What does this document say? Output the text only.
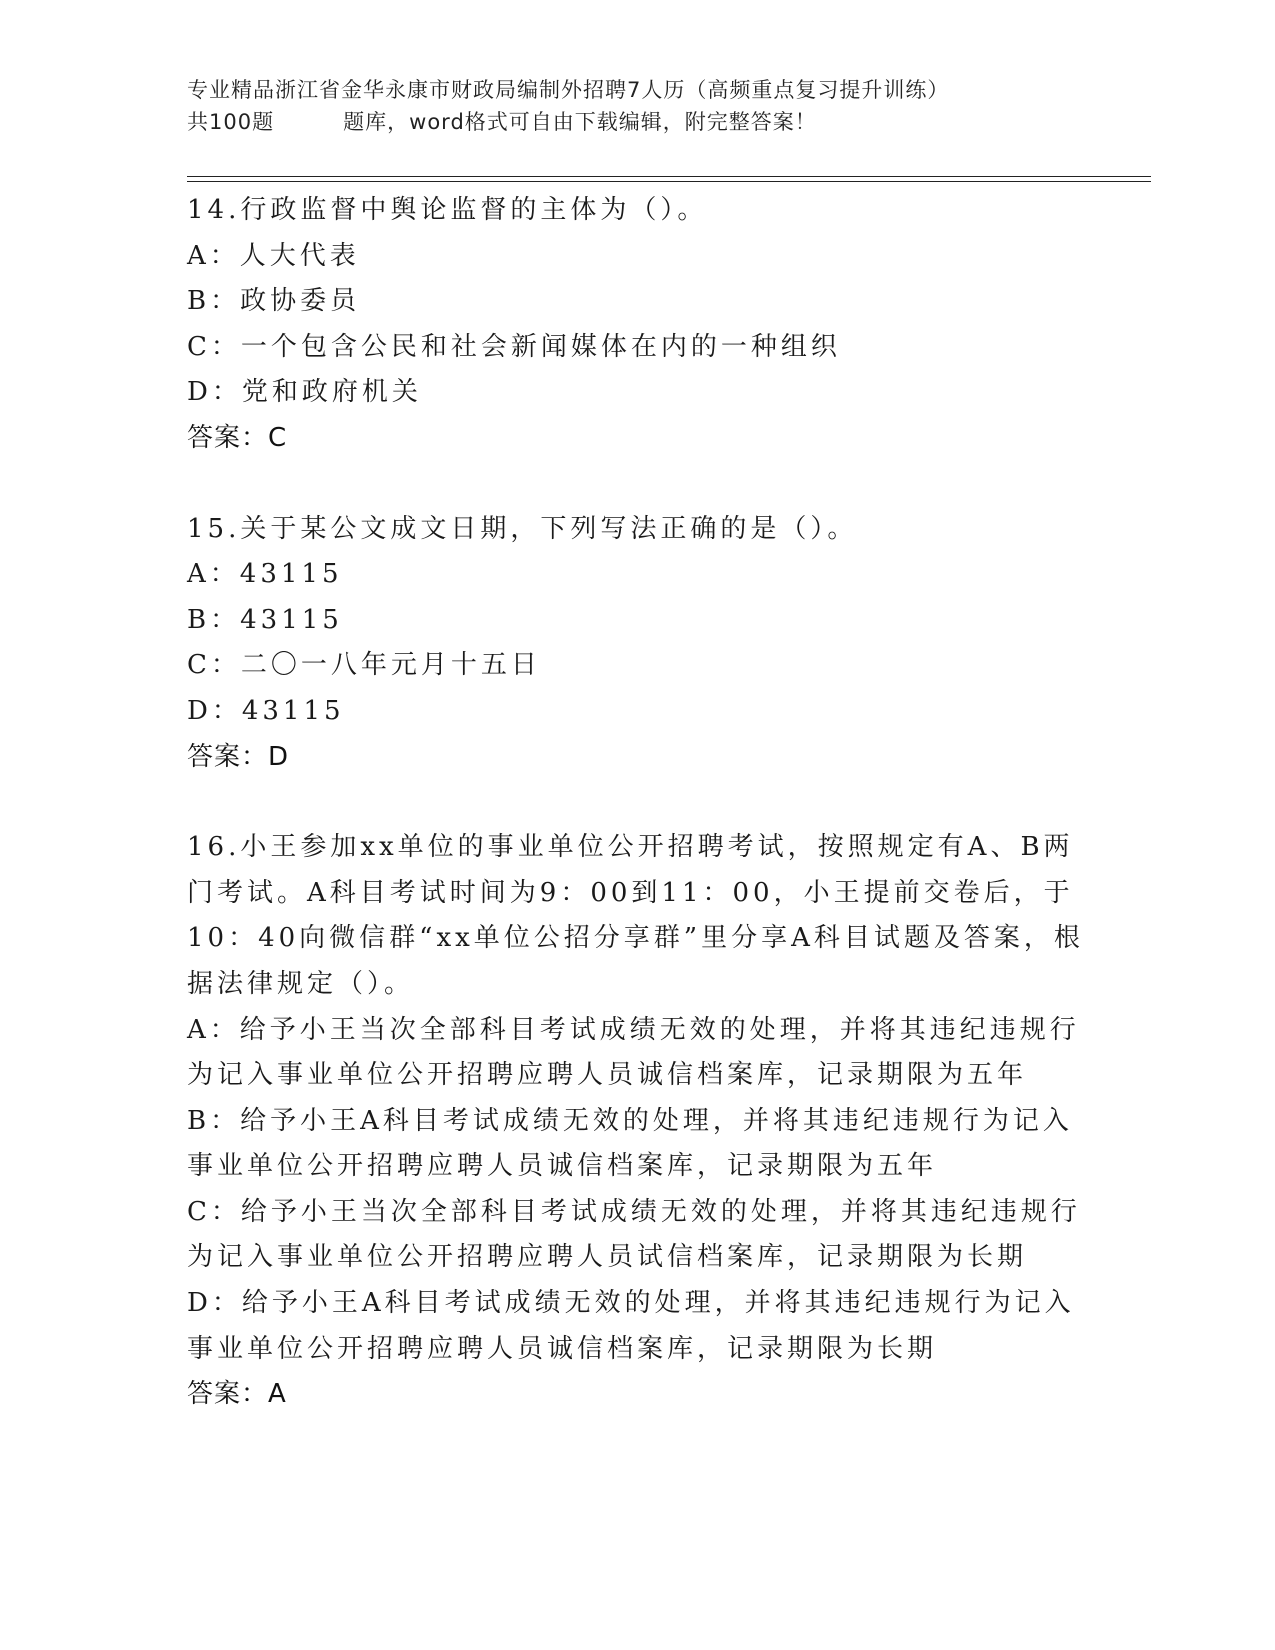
专业精品浙江省金华永康市财政局编制外招聘7人历（高频重点复习提升训练）
共100题         题库，word格式可自由下载编辑，附完整答案！
14.行政监督中舆论监督的主体为（）。
A：人大代表
B：政协委员
C：一个包含公民和社会新闻媒体在内的一种组织
D：党和政府机关
答案：C
15.关于某公文成文日期，下列写法正确的是（）。
A：43115
B：43115
C：二〇一八年元月十五日
D：43115
答案：D
16.小王参加xx单位的事业单位公开招聘考试，按照规定有A、B两门考试。A科目考试时间为9：00到11：00，小王提前交卷后，于10：40向微信群“xx单位公招分享群”里分享A科目试题及答案，根据法律规定（）。
A：给予小王当次全部科目考试成绩无效的处理，并将其违纪违规行为记入事业单位公开招聘应聘人员诚信档案库，记录期限为五年
B：给予小王A科目考试成绩无效的处理，并将其违纪违规行为记入事业单位公开招聘应聘人员诚信档案库，记录期限为五年
C：给予小王当次全部科目考试成绩无效的处理，并将其违纪违规行为记入事业单位公开招聘应聘人员试信档案库，记录期限为长期
D：给予小王A科目考试成绩无效的处理，并将其违纪违规行为记入事业单位公开招聘应聘人员诚信档案库，记录期限为长期
答案：A
